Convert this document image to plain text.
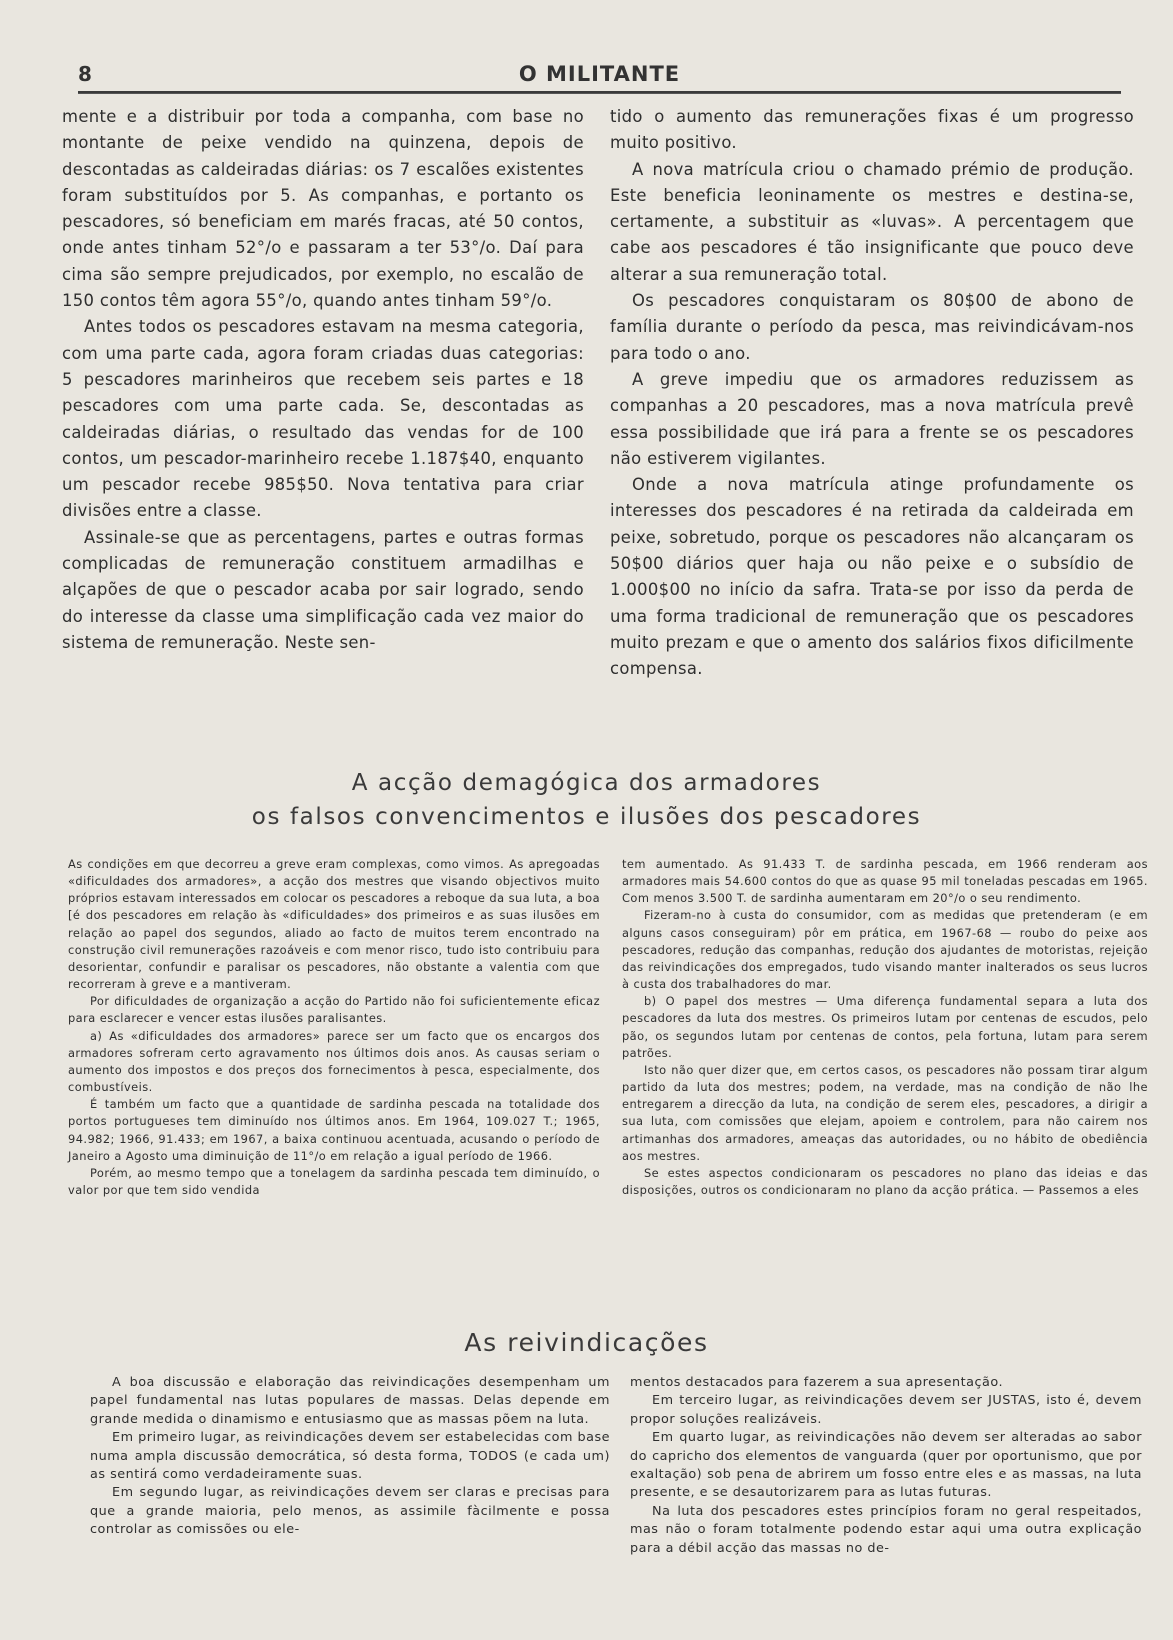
8	O MILITANTE

mente e a distribuir por toda a companha, com base no montante de peixe vendido na quinzena, depois de descontadas as caldeiradas diárias: os 7 escalões existentes foram substituídos por 5. As companhas, e portanto os pescadores, só beneficiam em marés fracas, até 50 contos, onde antes tinham 52°/o e passaram a ter 53°/o. Daí para cima são sempre prejudicados, por exemplo, no escalão de 150 contos têm agora 55°/o, quando antes tinham 59°/o.

Antes todos os pescadores estavam na mesma categoria, com uma parte cada, agora foram criadas duas categorias: 5 pescadores marinheiros que recebem seis partes e 18 pescadores com uma parte cada. Se, descontadas as caldeiradas diárias, o resultado das vendas for de 100 contos, um pescador-marinheiro recebe 1.187$40, enquanto um pescador recebe 985$50. Nova tentativa para criar divisões entre a classe.

Assinale-se que as percentagens, partes e outras formas complicadas de remuneração constituem armadilhas e alçapões de que o pescador acaba por sair logrado, sendo do interesse da classe uma simplificação cada vez maior do sistema de remuneração. Neste sen-

tido o aumento das remunerações fixas é um progresso muito positivo.

A nova matrícula criou o chamado prémio de produção. Este beneficia leoninamente os mestres e destina-se, certamente, a substituir as «luvas». A percentagem que cabe aos pescadores é tão insignificante que pouco deve alterar a sua remuneração total.

Os pescadores conquistaram os 80$00 de abono de família durante o período da pesca, mas reivindicávam-nos para todo o ano.

A greve impediu que os armadores reduzissem as companhas a 20 pescadores, mas a nova matrícula prevê essa possibilidade que irá para a frente se os pescadores não estiverem vigilantes.

Onde a nova matrícula atinge profundamente os interesses dos pescadores é na retirada da caldeirada em peixe, sobretudo, porque os pescadores não alcançaram os 50$00 diários quer haja ou não peixe e o subsídio de 1.000$00 no início da safra. Trata-se por isso da perda de uma forma tradicional de remuneração que os pescadores muito prezam e que o amento dos salários fixos dificilmente compensa.

A acção demagógica dos armadores
os falsos convencimentos e ilusões dos pescadores

As condições em que decorreu a greve eram complexas, como vimos. As apregoadas «dificuldades dos armadores», a acção dos mestres que visando objectivos muito próprios estavam interessados em colocar os pescadores a reboque da sua luta, a boa [é dos pescadores em relação às «dificuldades» dos primeiros e as suas ilusões em relação ao papel dos segundos, aliado ao facto de muitos terem encontrado na construção civil remunerações razoáveis e com menor risco, tudo isto contribuiu para desorientar, confundir e paralisar os pescadores, não obstante a valentia com que recorreram à greve e a mantiveram.

Por dificuldades de organização a acção do Partido não foi suficientemente eficaz para esclarecer e vencer estas ilusões paralisantes.

a) As «dificuldades dos armadores» parece ser um facto que os encargos dos armadores sofreram certo agravamento nos últimos dois anos. As causas seriam o aumento dos impostos e dos preços dos fornecimentos à pesca, especialmente, dos combustíveis.

É também um facto que a quantidade de sardinha pescada na totalidade dos portos portugueses tem diminuído nos últimos anos. Em 1964, 109.027 T.; 1965, 94.982; 1966, 91.433; em 1967, a baixa continuou acentuada, acusando o período de Janeiro a Agosto uma diminuição de 11°/o em relação a igual período de 1966.

Porém, ao mesmo tempo que a tonelagem da sardinha pescada tem diminuído, o valor por que tem sido vendida

tem aumentado. As 91.433 T. de sardinha pescada, em 1966 renderam aos armadores mais 54.600 contos do que as quase 95 mil toneladas pescadas em 1965. Com menos 3.500 T. de sardinha aumentaram em 20°/o o seu rendimento.

Fizeram-no à custa do consumidor, com as medidas que pretenderam (e em alguns casos conseguiram) pôr em prática, em 1967-68 — roubo do peixe aos pescadores, redução das companhas, redução dos ajudantes de motoristas, rejeição das reivindicações dos empregados, tudo visando manter inalterados os seus lucros à custa dos trabalhadores do mar.

b) O papel dos mestres — Uma diferença fundamental separa a luta dos pescadores da luta dos mestres. Os primeiros lutam por centenas de escudos, pelo pão, os segundos lutam por centenas de contos, pela fortuna, lutam para serem patrões.

Isto não quer dizer que, em certos casos, os pescadores não possam tirar algum partido da luta dos mestres; podem, na verdade, mas na condição de não lhe entregarem a direcção da luta, na condição de serem eles, pescadores, a dirigir a sua luta, com comissões que elejam, apoiem e controlem, para não cairem nos artimanhas dos armadores, ameaças das autoridades, ou no hábito de obediência aos mestres.

Se estes aspectos condicionaram os pescadores no plano das ideias e das disposições, outros os condicionaram no plano da acção prática. — Passemos a eles

As reivindicações

A boa discussão e elaboração das reivindicações desempenham um papel fundamental nas lutas populares de massas. Delas depende em grande medida o dinamismo e entusiasmo que as massas põem na luta.

Em primeiro lugar, as reivindicações devem ser estabelecidas com base numa ampla discussão democrática, só desta forma, TODOS (e cada um) as sentirá como verdadeiramente suas.

Em segundo lugar, as reivindicações devem ser claras e precisas para que a grande maioria, pelo menos, as assimile fàcilmente e possa controlar as comissões ou ele-

mentos destacados para fazerem a sua apresentação.

Em terceiro lugar, as reivindicações devem ser JUSTAS, isto é, devem propor soluções realizáveis.

Em quarto lugar, as reivindicações não devem ser alteradas ao sabor do capricho dos elementos de vanguarda (quer por oportunismo, que por exaltação) sob pena de abrirem um fosso entre eles e as massas, na luta presente, e se desautorizarem para as lutas futuras.

Na luta dos pescadores estes princípios foram no geral respeitados, mas não o foram totalmente podendo estar aqui uma outra explicação para a débil acção das massas no de-
